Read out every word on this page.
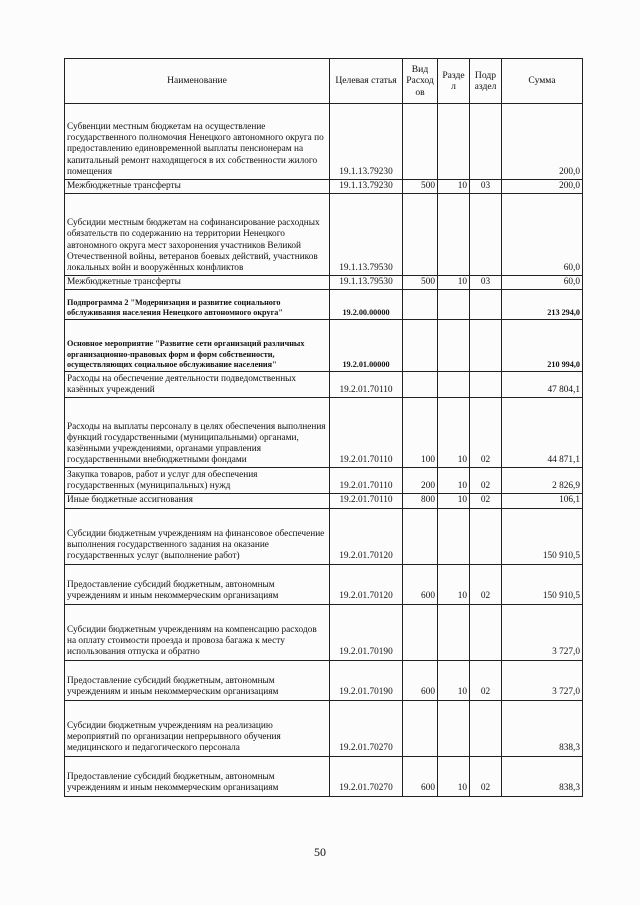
Наименование	Целевая статья	Вид Расход ов	Разде л	Подр аздел	Сумма
Субвенции местным бюджетам на осуществление государственного полномочия Ненецкого автономного округа по предоставлению единовременной выплаты пенсионерам на капитальный ремонт находящегося в их собственности жилого помещения	19.1.13.79230				200,0
Межбюджетные трансферты	19.1.13.79230	500	10	03	200,0
Субсидии местным бюджетам на софинансирование расходных обязательств по содержанию на территории Ненецкого автономного округа мест захоронения участников Великой Отечественной войны, ветеранов боевых действий, участников локальных войн и вооружённых конфликтов	19.1.13.79530				60,0
Межбюджетные трансферты	19.1.13.79530	500	10	03	60,0
Подпрограмма 2 "Модернизация и развитие социального обслуживания населения Ненецкого автономного округа"	19.2.00.00000				213 294,0
Основное мероприятие "Развитие сети организаций различных организационно-правовых форм и форм собственности, осуществляющих социальное обслуживание населения"	19.2.01.00000				210 994,0
Расходы на обеспечение деятельности подведомственных казённых учреждений	19.2.01.70110				47 804,1
Расходы на выплаты персоналу в целях обеспечения выполнения функций государственными (муниципальными) органами, казёнными учреждениями, органами управления государственными внебюджетными фондами	19.2.01.70110	100	10	02	44 871,1
Закупка товаров, работ и услуг для обеспечения государственных (муниципальных) нужд	19.2.01.70110	200	10	02	2 826,9
Иные бюджетные ассигнования	19.2.01.70110	800	10	02	106,1
Субсидии бюджетным учреждениям на финансовое обеспечение выполнения государственного задания на оказание государственных услуг (выполнение работ)	19.2.01.70120				150 910,5
Предоставление субсидий бюджетным, автономным учреждениям и иным некоммерческим организациям	19.2.01.70120	600	10	02	150 910,5
Субсидии бюджетным учреждениям на компенсацию расходов на оплату стоимости проезда и провоза багажа к месту использования отпуска и обратно	19.2.01.70190				3 727,0
Предоставление субсидий бюджетным, автономным учреждениям и иным некоммерческим организациям	19.2.01.70190	600	10	02	3 727,0
Субсидии бюджетным учреждениям на реализацию мероприятий по организации непрерывного обучения медицинского и педагогического персонала	19.2.01.70270				838,3
Предоставление субсидий бюджетным, автономным учреждениям и иным некоммерческим организациям	19.2.01.70270	600	10	02	838,3
50
